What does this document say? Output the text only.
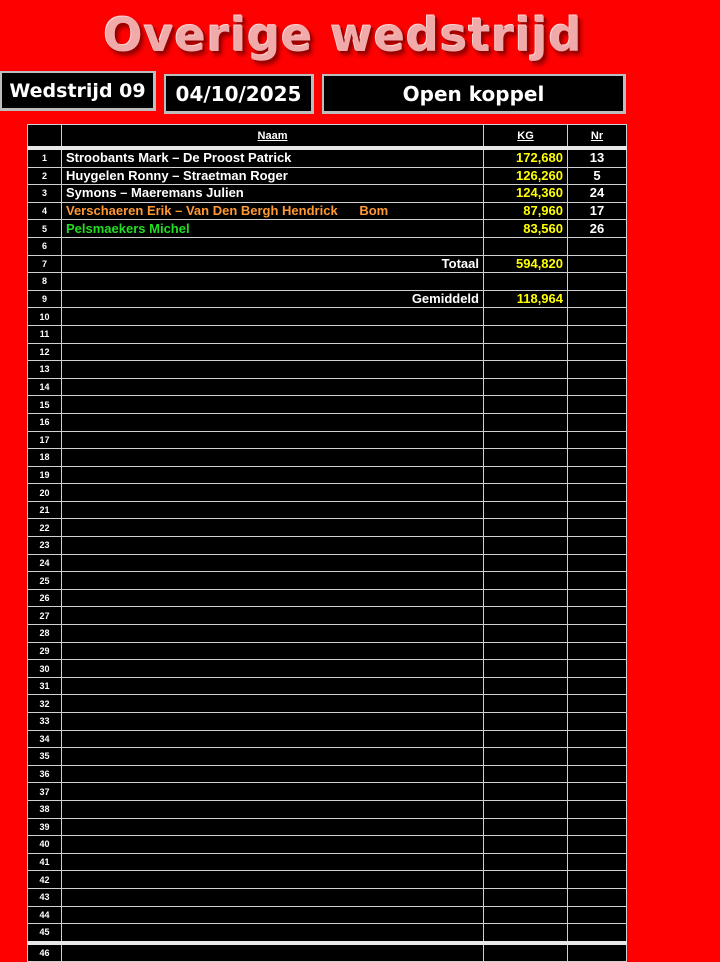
Overige wedstrijd
Wedstrijd 09	04/10/2025	Open koppel
	Naam	KG	Nr
1	Stroobants Mark – De Proost Patrick	172,680	13
2	Huygelen Ronny – Straetman Roger	126,260	5
3	Symons – Maeremans Julien	124,360	24
4	Verschaeren Erik – Van Den Bergh Hendrick      Bom	87,960	17
5	Pelsmaekers Michel	83,560	26
6			
7	Totaal	594,820	
8			
9	Gemiddeld	118,964	
10			
11			
12			
13			
14			
15			
16			
17			
18			
19			
20			
21			
22			
23			
24			
25			
26			
27			
28			
29			
30			
31			
32			
33			
34			
35			
36			
37			
38			
39			
40			
41			
42			
43			
44			
45			
46			
